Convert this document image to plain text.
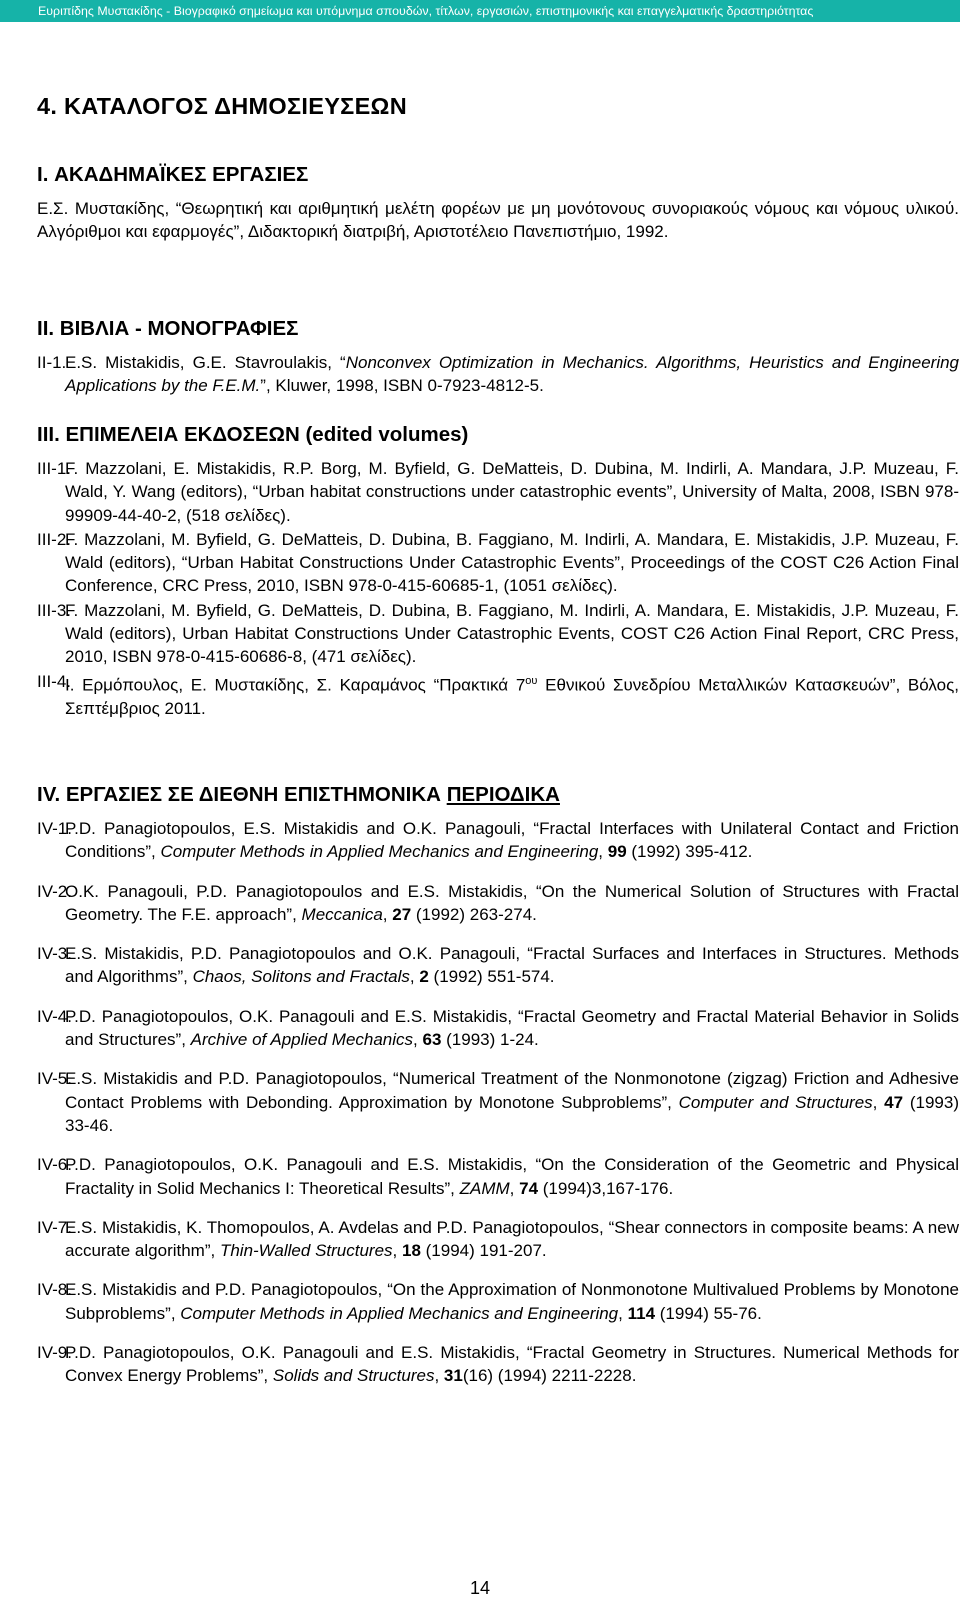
Ευριπίδης Μυστακίδης - Βιογραφικό σημείωμα και υπόμνημα σπουδών, τίτλων, εργασιών, επιστημονικής και επαγγελματικής δραστηριότητας
4. ΚΑΤΑΛΟΓΟΣ ΔΗΜΟΣΙΕΥΣΕΩΝ
I. ΑΚΑΔΗΜΑΪΚΕΣ ΕΡΓΑΣΙΕΣ

Ε.Σ. Μυστακίδης, “Θεωρητική και αριθμητική μελέτη φορέων με μη μονότονους συνοριακούς νόμους και νόμους υλικού. Αλγόριθμοι και εφαρμογές”, Διδακτορική διατριβή, Αριστοτέλειο Πανεπιστήμιο, 1992.

II. ΒΙΒΛΙΑ - ΜΟΝΟΓΡΑΦΙΕΣ
II-1.
E.S. Mistakidis, G.E. Stavroulakis, “Nonconvex Optimization in Mechanics. Algorithms, Heuristics and Engineering Applications by the F.E.M.”, Kluwer, 1998, ISBN 0-7923-4812-5.
III. ΕΠΙΜΕΛΕΙΑ ΕΚΔΟΣΕΩΝ (edited volumes)
III-1.
F. Mazzolani, E. Mistakidis, R.P. Borg, M. Byfield, G. DeMatteis, D. Dubina, M. Indirli, A. Mandara, J.P. Muzeau, F. Wald, Y. Wang (editors), “Urban habitat constructions under catastrophic events”, University of Malta, 2008, ISBN 978-99909-44-40-2, (518 σελίδες).
III-2.
F. Mazzolani, M. Byfield, G. DeMatteis, D. Dubina, B. Faggiano, M. Indirli, A. Mandara, E. Mistakidis, J.P. Muzeau, F. Wald (editors), “Urban Habitat Constructions Under Catastrophic Events”, Proceedings of the COST C26 Action Final Conference, CRC Press, 2010, ISBN 978-0-415-60685-1, (1051 σελίδες).
III-3.
F. Mazzolani, M. Byfield, G. DeMatteis, D. Dubina, B. Faggiano, M. Indirli, A. Mandara, E. Mistakidis, J.P. Muzeau, F. Wald (editors), Urban Habitat Constructions Under Catastrophic Events, COST C26 Action Final Report, CRC Press, 2010, ISBN 978-0-415-60686-8, (471 σελίδες).
III-4.
Ι. Ερμόπουλος, Ε. Μυστακίδης, Σ. Καραμάνος “Πρακτικά $7^{o\upsilon}$ Εθνικού Συνεδρίου Μεταλλικών Κατασκευών”, Βόλος, Σεπτέμβριος 2011.
IV. ΕΡΓΑΣΙΕΣ ΣΕ ΔΙΕΘΝΗ ΕΠΙΣΤΗΜΟΝΙΚΑ ΠΕΡΙΟΔΙΚΑ
IV-1.
P.D. Panagiotopoulos, E.S. Mistakidis and O.K. Panagouli, “Fractal Interfaces with Unilateral Contact and Friction Conditions”, Computer Methods in Applied Mechanics and Engineering, 99 (1992) 395-412.
IV-2.
O.K. Panagouli, P.D. Panagiotopoulos and E.S. Mistakidis, “On the Numerical Solution of Structures with Fractal Geometry. The F.E. approach”, Meccanica, 27 (1992) 263-274.
IV-3.
E.S. Mistakidis, P.D. Panagiotopoulos and O.K. Panagouli, “Fractal Surfaces and Interfaces in Structures. Methods and Algorithms”, Chaos, Solitons and Fractals, 2 (1992) 551-574.
IV-4.
P.D. Panagiotopoulos, O.K. Panagouli and E.S. Mistakidis, “Fractal Geometry and Fractal Material Behavior in Solids and Structures”, Archive of Applied Mechanics, 63 (1993) 1-24.
IV-5.
E.S. Mistakidis and P.D. Panagiotopoulos, “Numerical Treatment of the Nonmonotone (zigzag) Friction and Adhesive Contact Problems with Debonding. Approximation by Monotone Subproblems”, Computer and Structures, 47 (1993) 33-46.
IV-6.
P.D. Panagiotopoulos, O.K. Panagouli and E.S. Mistakidis, “On the Consideration of the Geometric and Physical Fractality in Solid Mechanics I: Theoretical Results”, ZAMM, 74 (1994)3,167-176.
IV-7.
E.S. Mistakidis, K. Thomopoulos, A. Avdelas and P.D. Panagiotopoulos, “Shear connectors in composite beams: A new accurate algorithm”, Thin-Walled Structures, 18 (1994) 191-207.
IV-8.
E.S. Mistakidis and P.D. Panagiotopoulos, “On the Approximation of Nonmonotone Multivalued Problems by Monotone Subproblems”, Computer Methods in Applied Mechanics and Engineering, 114 (1994) 55-76.
IV-9.
P.D. Panagiotopoulos, O.K. Panagouli and E.S. Mistakidis, “Fractal Geometry in Structures. Numerical Methods for Convex Energy Problems”, Solids and Structures, 31(16) (1994) 2211-2228.
14
